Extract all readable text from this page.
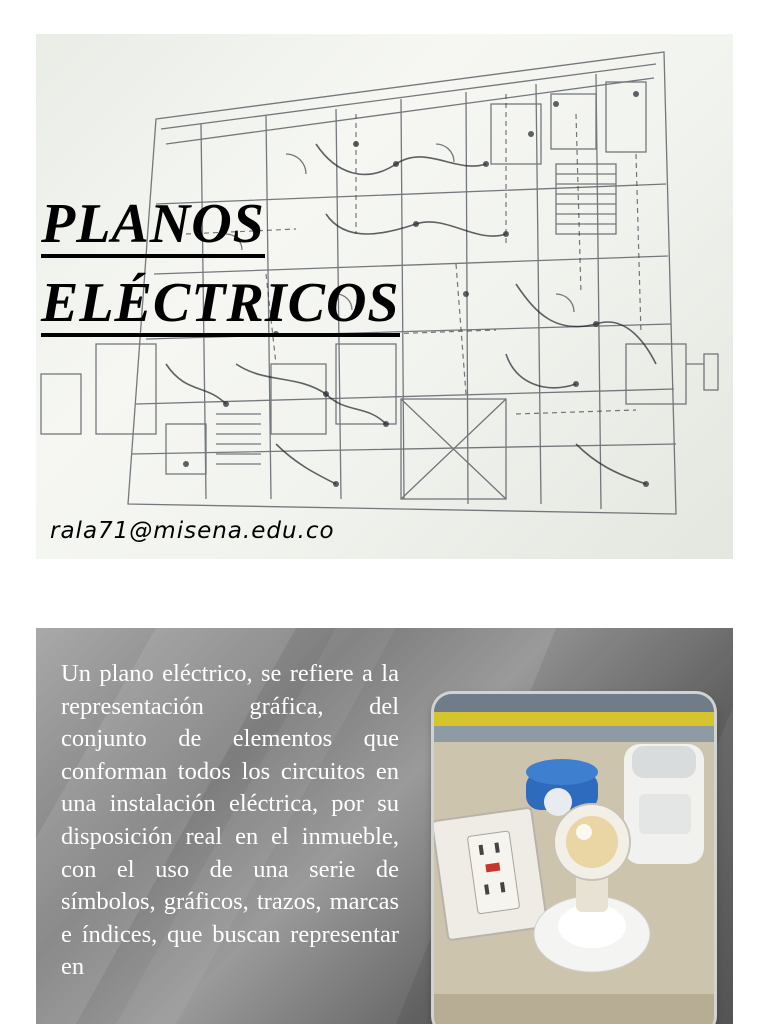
PLANOS
ELÉCTRICOS
rala71@misena.edu.co

Un plano eléctrico, se refiere a la representación gráfica, del conjunto de elementos que conforman todos los circuitos en una instalación eléctrica, por su disposición real en el inmueble, con el uso de una serie de símbolos, gráficos, trazos, marcas e índices, que buscan representar en
